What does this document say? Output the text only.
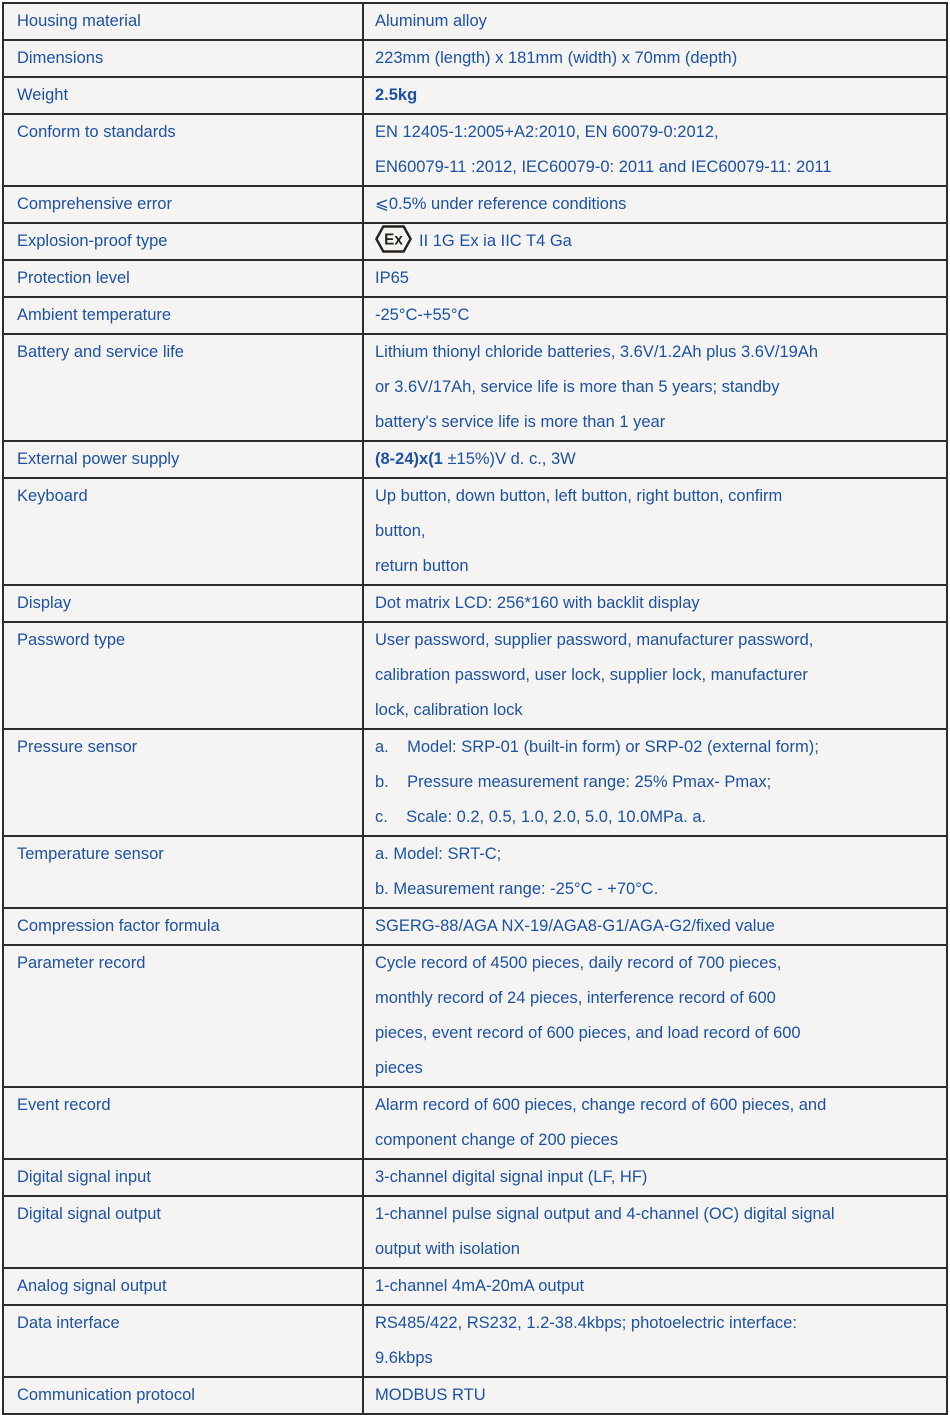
Housing material	Aluminum alloy
Dimensions	223mm (length) x 181mm (width) x 70mm (depth)
Weight	2.5kg
Conform to standards	EN 12405-1:2005+A2:2010, EN 60079-0:2012,
EN60079-11 :2012, IEC60079-0: 2011 and IEC60079-11: 2011
Comprehensive error	⩽0.5% under reference conditions
Explosion-proof type	Ex II 1G Ex ia IIC T4 Ga
Protection level	IP65
Ambient temperature	-25°C-+55°C
Battery and service life	Lithium thionyl chloride batteries, 3.6V/1.2Ah plus 3.6V/19Ah
or 3.6V/17Ah, service life is more than 5 years; standby
battery's service life is more than 1 year
External power supply	(8-24)x(1 ±15%)V d. c., 3W
Keyboard	Up button, down button, left button, right button, confirm
button,
return button
Display	Dot matrix LCD: 256*160 with backlit display
Password type	User password, supplier password, manufacturer password,
calibration password, user lock, supplier lock, manufacturer
lock, calibration lock
Pressure sensor	a.    Model: SRP-01 (built-in form) or SRP-02 (external form);
b.    Pressure measurement range: 25% Pmax- Pmax;
c.    Scale: 0.2, 0.5, 1.0, 2.0, 5.0, 10.0MPa. a.
Temperature sensor	a. Model: SRT-C;
b. Measurement range: -25°C - +70°C.
Compression factor formula	SGERG-88/AGA NX-19/AGA8-G1/AGA-G2/fixed value
Parameter record	Cycle record of 4500 pieces, daily record of 700 pieces,
monthly record of 24 pieces, interference record of 600
pieces, event record of 600 pieces, and load record of 600
pieces
Event record	Alarm record of 600 pieces, change record of 600 pieces, and
component change of 200 pieces
Digital signal input	3-channel digital signal input (LF, HF)
Digital signal output	1-channel pulse signal output and 4-channel (OC) digital signal
output with isolation
Analog signal output	1-channel 4mA-20mA output
Data interface	RS485/422, RS232, 1.2-38.4kbps; photoelectric interface:
9.6kbps
Communication protocol	MODBUS RTU
